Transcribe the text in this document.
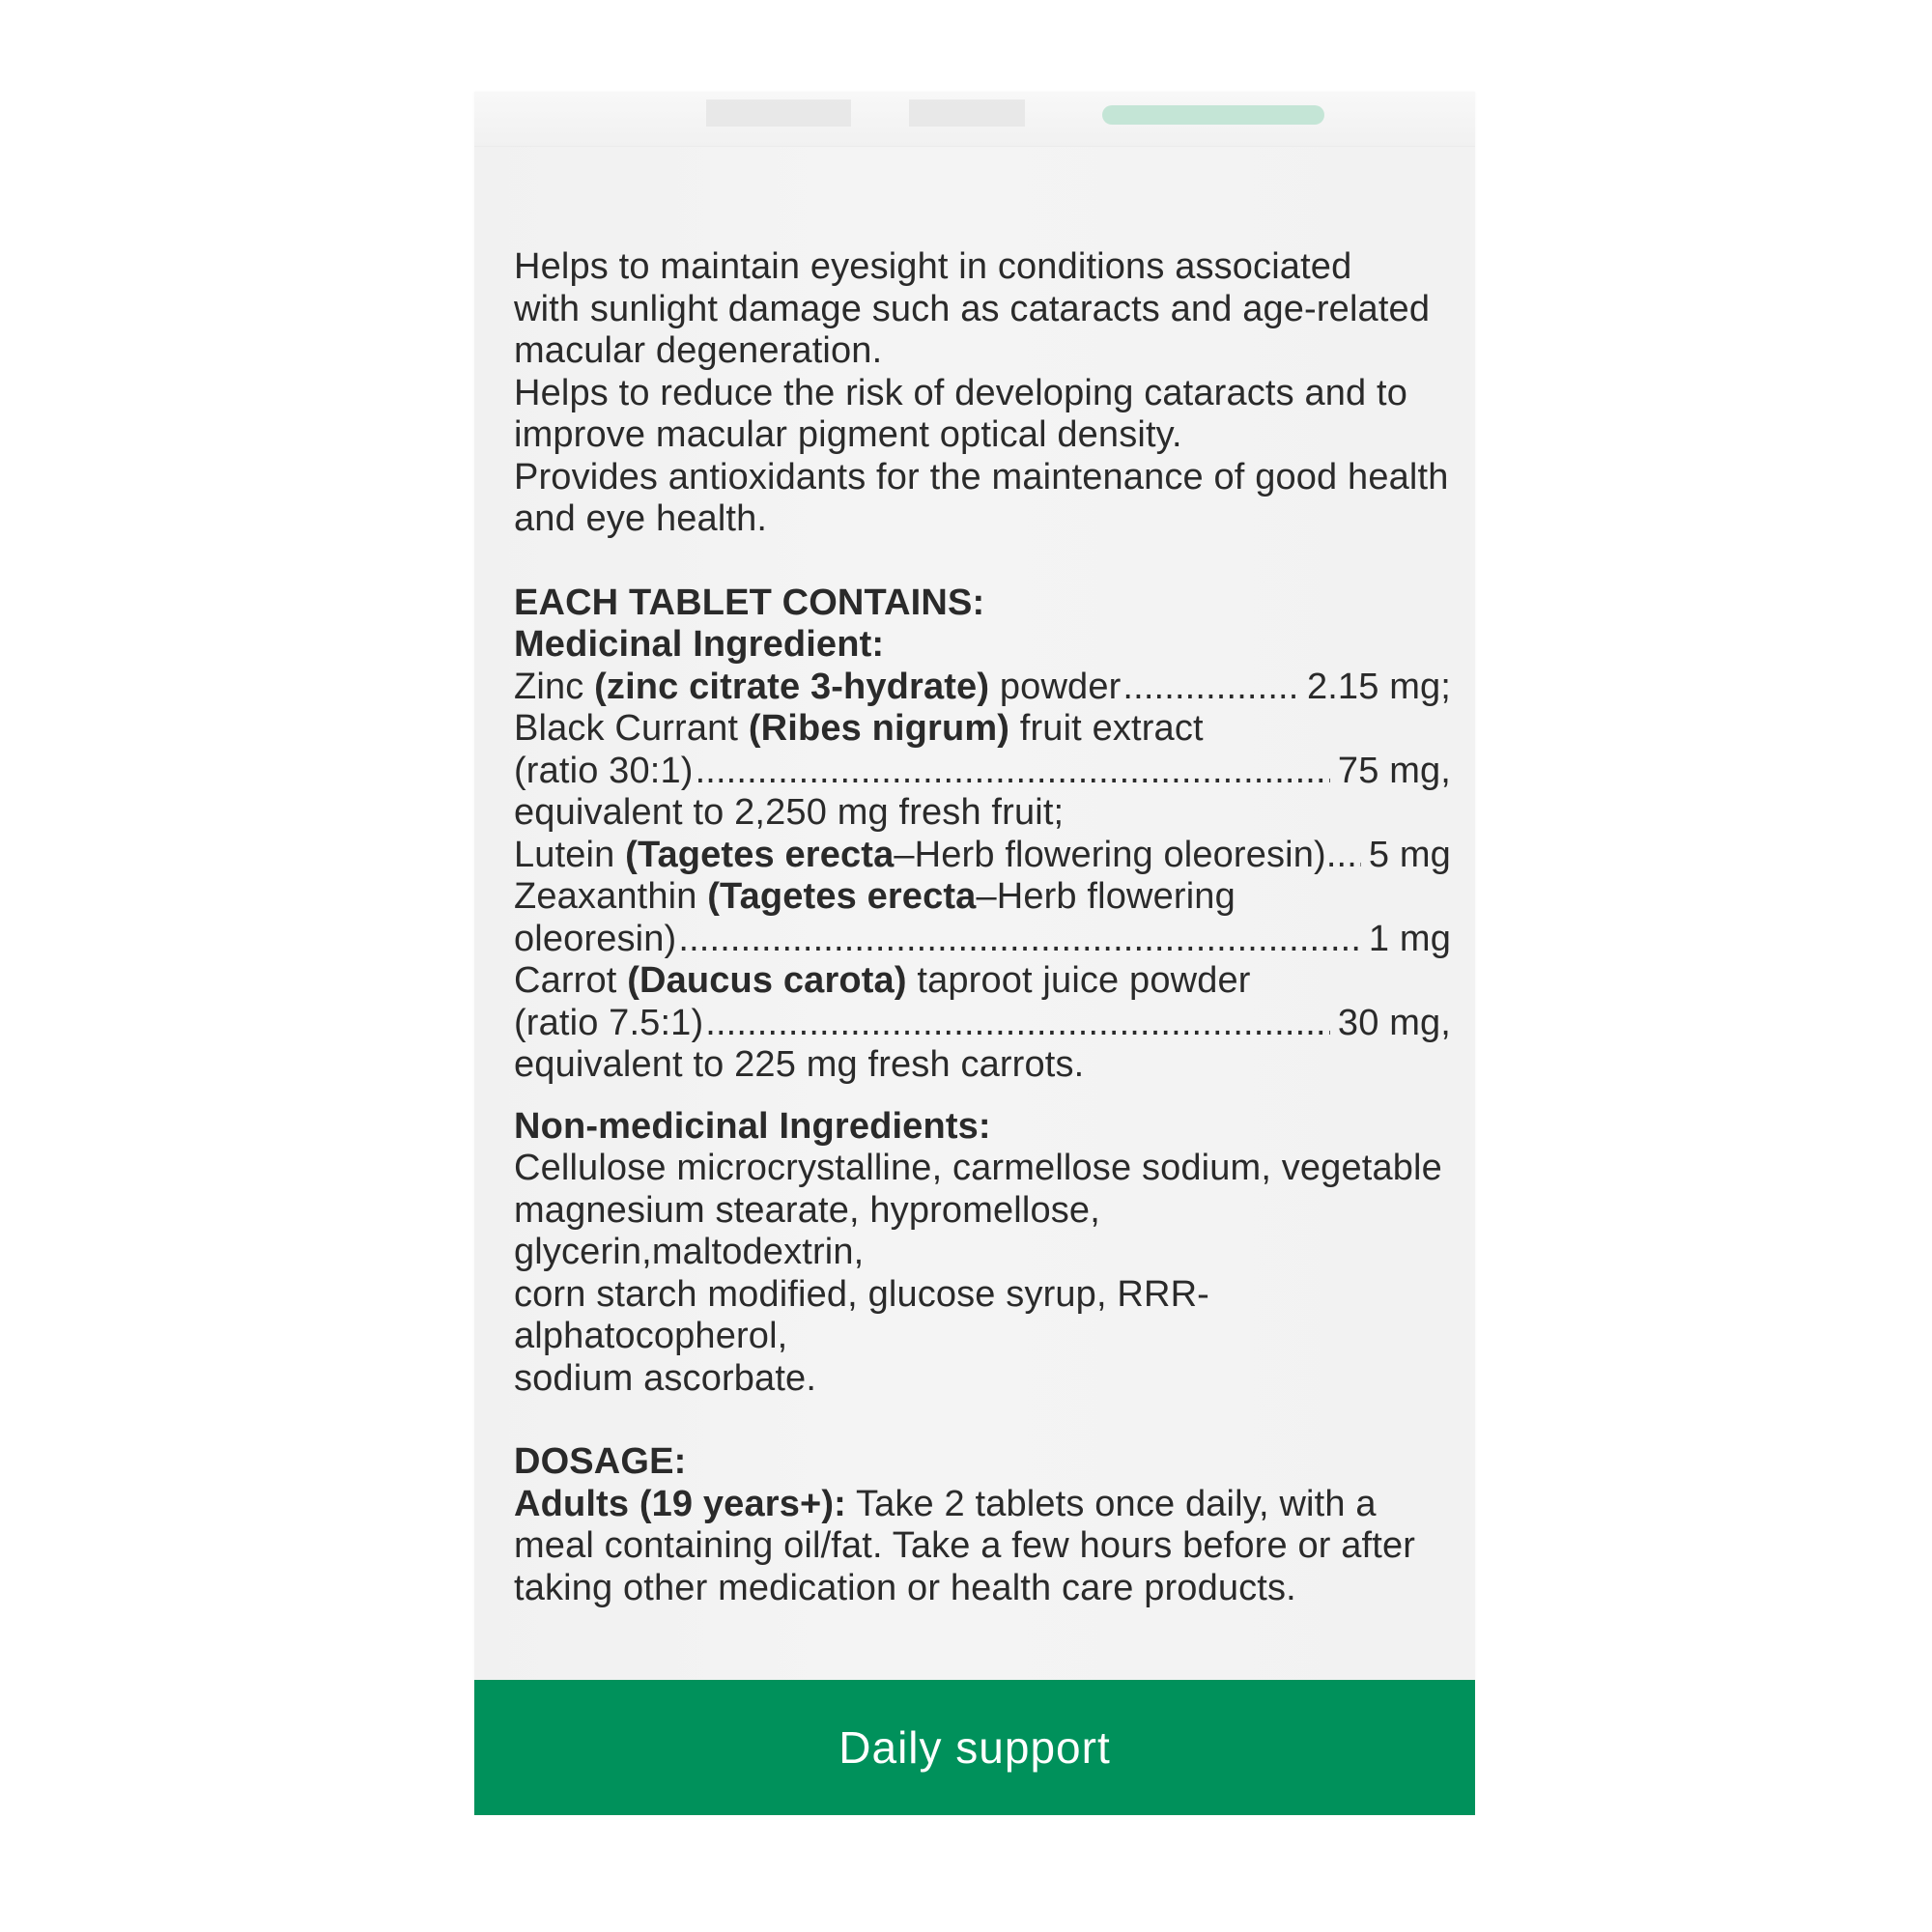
Helps to maintain eyesight in conditions associated

with sunlight damage such as cataracts and age-related

macular degeneration.

Helps to reduce the risk of developing cataracts and to

improve macular pigment optical density.

Provides antioxidants for the maintenance of good health

and eye health.

EACH TABLET CONTAINS:

Medicinal Ingredient:

Zinc
(zinc citrate 3-hydrate)
powder .....	2.15 mg;
Black Currant
(Ribes nigrum)
fruit extract
(ratio 30:1) .....	75 mg,

equivalent to 2,250 mg fresh fruit;

Lutein
(Tagetes erecta –Herb flowering oleoresin) ..... 5 mg
Zeaxanthin
(Tagetes erecta –Herb flowering
oleoresin) .....	1 mg
Carrot
(Daucus carota)
taproot juice powder
(ratio 7.5:1) .....	30 mg,

equivalent to 225 mg fresh carrots.

Non-medicinal Ingredients:

Cellulose microcrystalline, carmellose sodium, vegetable

magnesium stearate, hypromellose, glycerin,maltodextrin,

corn starch modified, glucose syrup, RRR-alphatocopherol,

sodium ascorbate.

DOSAGE:

Adults (19 years+): Take 2 tablets once daily, with a

meal containing oil/fat. Take a few hours before or after

taking other medication or health care products.

Daily support
